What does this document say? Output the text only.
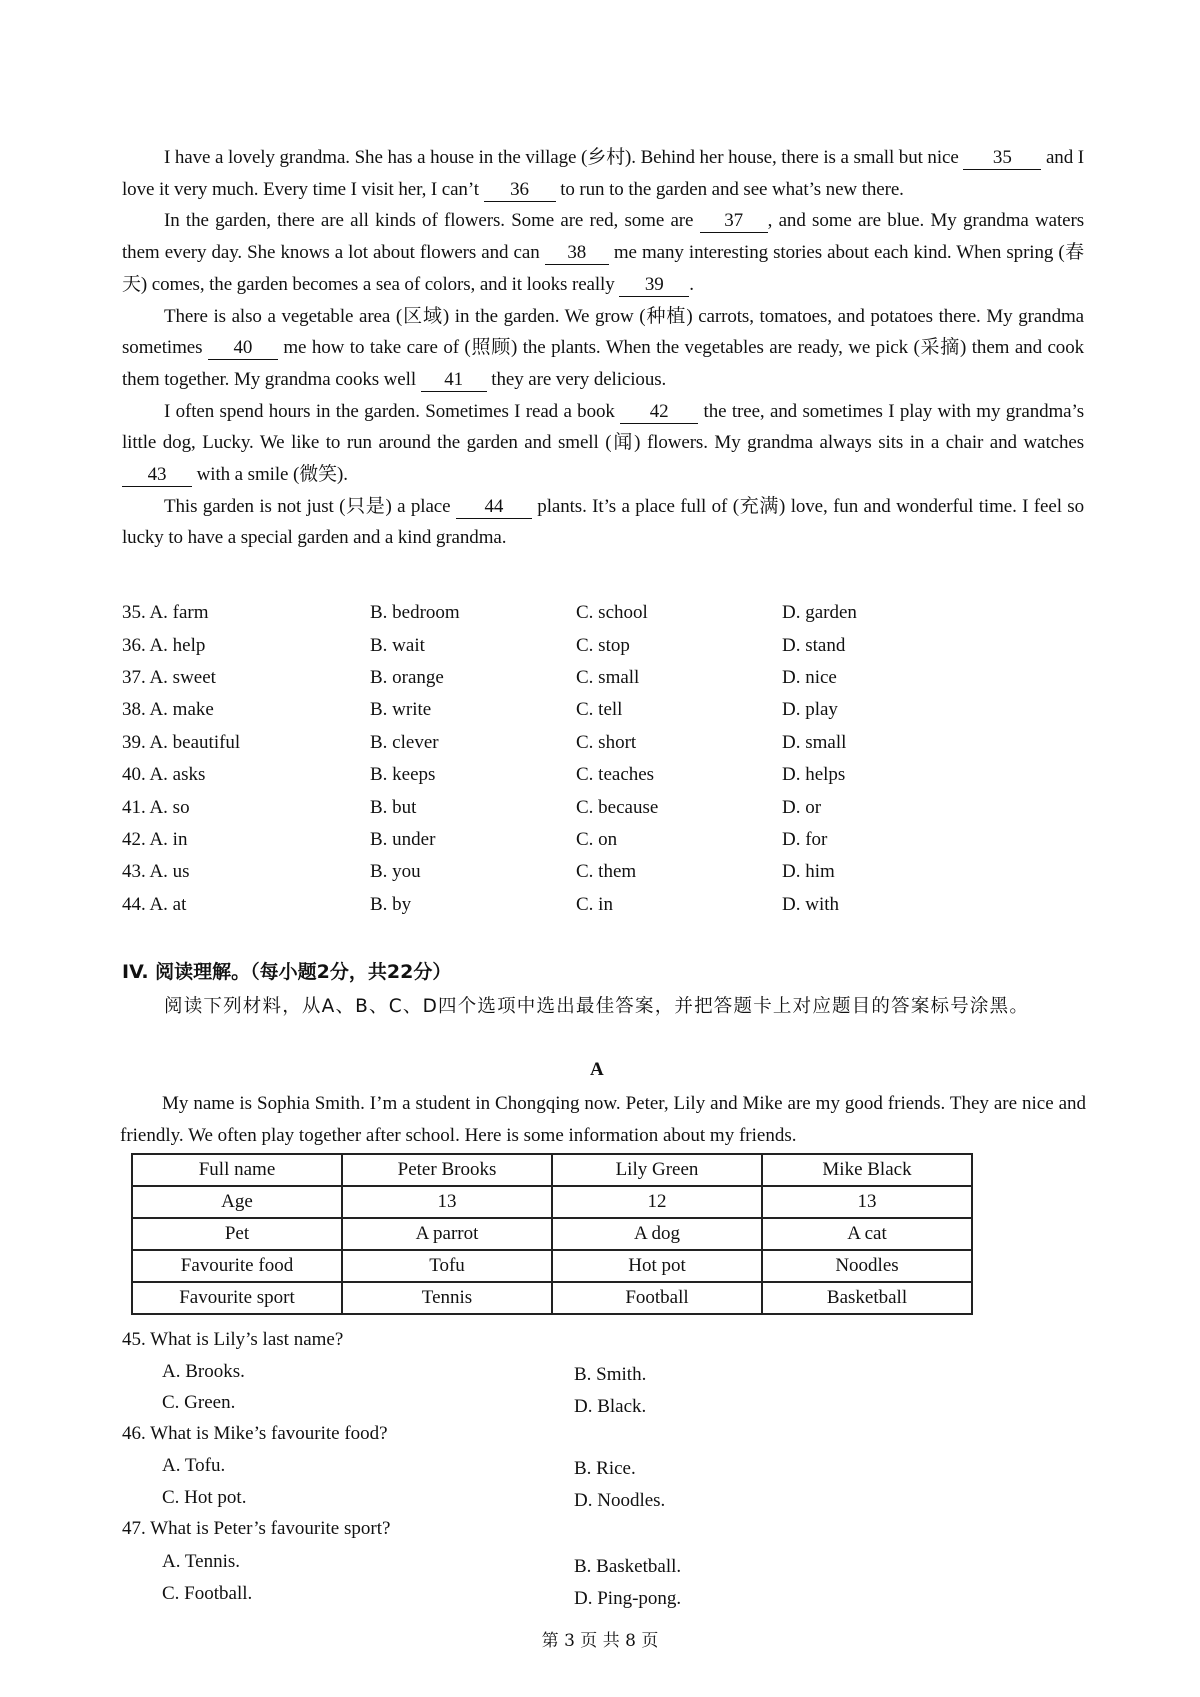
I have a lovely grandma. She has a house in the village (乡村). Behind her house, there is a small but nice 35 and I love it very much. Every time I visit her, I can’t 36 to run to the garden and see what’s new there.

In the garden, there are all kinds of flowers. Some are red, some are 37 , and some are blue. My grandma waters them every day. She knows a lot about flowers and can 38 me many interesting stories about each kind. When spring (春天) comes, the garden becomes a sea of colors, and it looks really 39 .

There is also a vegetable area (区域) in the garden. We grow (种植) carrots, tomatoes, and potatoes there. My grandma sometimes 40 me how to take care of (照顾) the plants. When the vegetables are ready, we pick (采摘) them and cook them together. My grandma cooks well 41 they are very delicious.

I often spend hours in the garden. Sometimes I read a book 42 the tree, and sometimes I play with my grandma’s little dog, Lucky. We like to run around the garden and smell (闻) flowers. My grandma always sits in a chair and watches 43 with a smile (微笑).

This garden is not just (只是) a place 44 plants. It’s a place full of (充满) love, fun and wonderful time. I feel so lucky to have a special garden and a kind grandma.

35. A. farm	B. bedroom	C. school	D. garden
36. A. help	B. wait	C. stop	D. stand
37. A. sweet	B. orange	C. small	D. nice
38. A. make	B. write	C. tell	D. play
39. A. beautiful	B. clever	C. short	D. small
40. A. asks	B. keeps	C. teaches	D. helps
41. A. so	B. but	C. because	D. or
42. A. in	B. under	C. on	D. for
43. A. us	B. you	C. them	D. him
44. A. at	B. by	C. in	D. with
IV. 阅读理解。（每小题2分，共22分）
阅读下列材料，从A、B、C、D四个选项中选出最佳答案，并把答题卡上对应题目的答案标号涂黑。
A

My name is Sophia Smith. I’m a student in Chongqing now. Peter, Lily and Mike are my good friends. They are nice and friendly. We often play together after school. Here is some information about my friends.

Full name	Peter Brooks	Lily Green	Mike Black
Age	13	12	13
Pet	A parrot	A dog	A cat
Favourite food	Tofu	Hot pot	Noodles
Favourite sport	Tennis	Football	Basketball
45. What is Lily’s last name?
A. Brooks.	B. Smith.
C. Green.	D. Black.
46. What is Mike’s favourite food?
A. Tofu.	B. Rice.
C. Hot pot.	D. Noodles.
47. What is Peter’s favourite sport?
A. Tennis.	B. Basketball.
C. Football.	D. Ping-pong.
第 3 页 共 8 页
